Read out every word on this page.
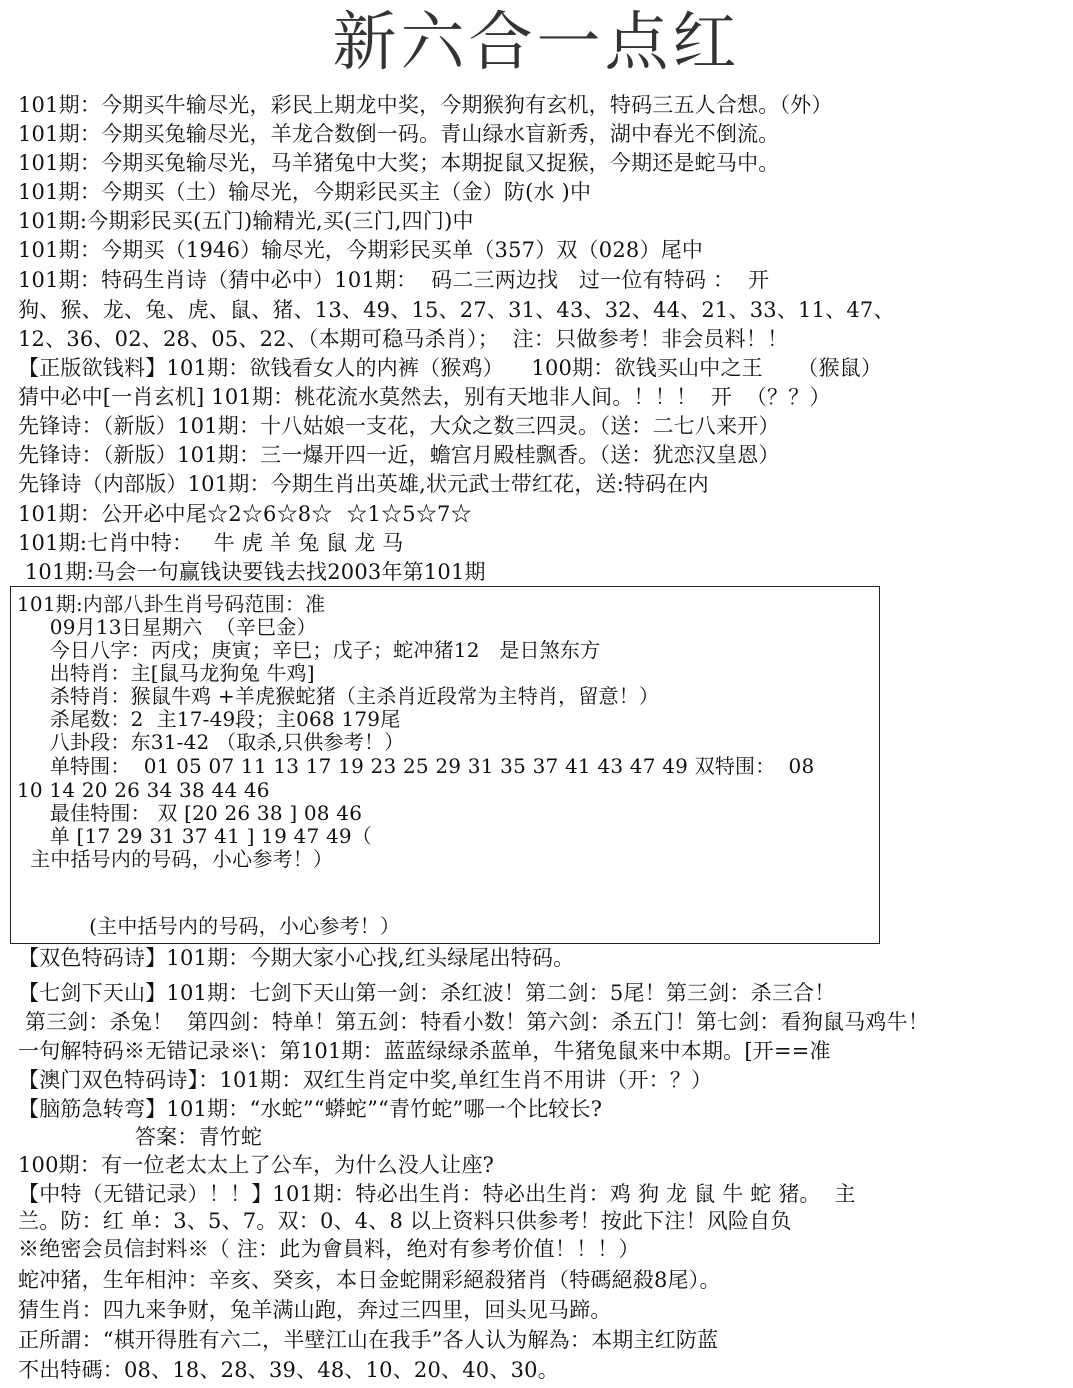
新六合一点红
101期：今期买牛输尽光，彩民上期龙中奖，今期猴狗有玄机，特码三五人合想。（外）
101期：今期买兔输尽光，羊龙合数倒一码。青山绿水盲新秀，湖中春光不倒流。
101期：今期买兔输尽光，马羊猪兔中大奖；本期捉鼠又捉猴，今期还是蛇马中。
101期：今期买（土）输尽光，今期彩民买主（金）防(水 )中
101期:今期彩民买(五门)输精光,买(三门,四门)中
101期：今期买（1946）输尽光，今期彩民买单（357）双（028）尾中
101期：特码生肖诗（猜中必中）101期：  码二三两边找   过一位有特码 ：  开
狗、猴、龙、兔、虎、鼠、猪、13、49、15、27、31、43、32、44、21、33、11、47、
12、36、02、28、05、22、（本期可稳马杀肖）；  注：只做参考！非会员料！！
【正版欲钱料】101期：欲钱看女人的内裤（猴鸡）    100期：欲钱买山中之王     （猴鼠）
猜中必中[一肖玄机] 101期：桃花流水莫然去，别有天地非人间。！！！  开  （？？）
先锋诗：（新版）101期：十八姑娘一支花，大众之数三四灵。（送：二七八来开）
先锋诗：（新版）101期：三一爆开四一近，蟾宫月殿桂飘香。（送：犹恋汉皇恩）
先锋诗（内部版）101期：今期生肖出英雄,状元武士带红花，送:特码在内
101期：公开必中尾☆2☆6☆8☆  ☆1☆5☆7☆
101期:七肖中特：   牛 虎 羊 兔 鼠 龙 马
101期:马会一句赢钱诀要钱去找2003年第101期
101期:内部八卦生肖号码范围：准
09月13日星期六  （辛巳金）
今日八字：丙戌；庚寅；辛巳；戊子；蛇冲猪12   是日煞东方
出特肖：主[鼠马龙狗兔 牛鸡]
杀特肖：猴鼠牛鸡 +羊虎猴蛇猪（主杀肖近段常为主特肖，留意！）
杀尾数：2  主17-49段；主068 179尾
八卦段：东31-42 （取杀,只供参考！）
单特围：  01 05 07 11 13 17 19 23 25 29 31 35 37 41 43 47 49 双特围：  08
10 14 20 26 34 38 44 46
最佳特围： 双 [20 26 38 ] 08 46
单 [17 29 31 37 41 ] 19 47 49（
主中括号内的号码，小心参考！）
(主中括号内的号码，小心参考！）
【双色特码诗】101期：今期大家小心找,红头绿尾出特码。
【七剑下天山】101期：七剑下天山第一剑：杀红波！第二剑：5尾！第三剑：杀三合！
第三剑：杀兔！  第四剑：特单！第五剑：特看小数！第六剑：杀五门！第七剑：看狗鼠马鸡牛！
一句解特码※无错记录※\：第101期：蓝蓝绿绿杀蓝单，牛猪兔鼠来中本期。[开==准
【澳门双色特码诗】：101期：双红生肖定中奖,单红生肖不用讲（开：？）
【脑筋急转弯】101期：“水蛇”“蟒蛇”“青竹蛇”哪一个比较长?
答案：青竹蛇
100期：有一位老太太上了公车，为什么没人让座?
【中特（无错记录）！！】101期：特必出生肖：特必出生肖：鸡 狗 龙 鼠 牛 蛇 猪。  主
兰。防：红 单：3、5、7。双：0、4、8 以上资料只供参考！按此下注！风险自负
※绝密会员信封料※（ 注：此为會員料，绝对有参考价值！！！）
蛇冲猪，生年相沖：辛亥、癸亥，本日金蛇開彩絕殺猪肖（特碼絕殺8尾）。
猜生肖：四九来争财，兔羊满山跑，奔过三四里，回头见马蹄。
正所謂：“棋开得胜有六二，半壁江山在我手”各人认为解為：本期主红防蓝
不出特碼：08、18、28、39、48、10、20、40、30。
